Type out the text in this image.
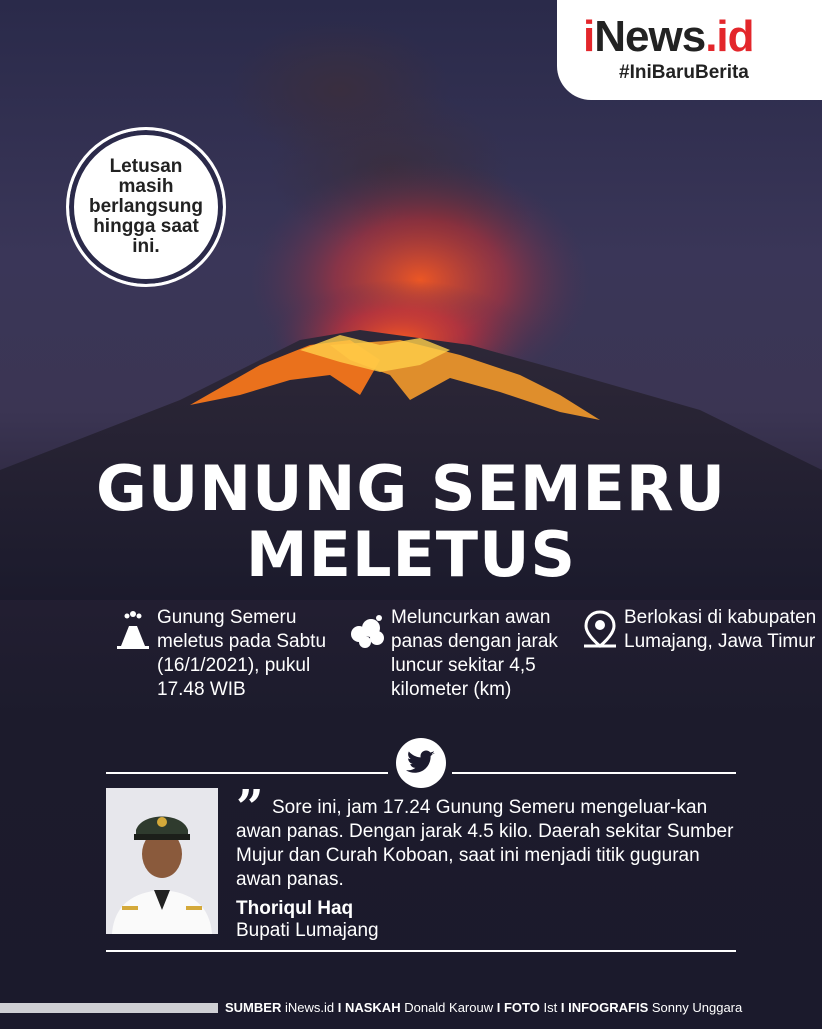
iNews.id
#IniBaruBerita
Letusan masih berlangsung hingga saat ini.
GUNUNG SEMERU
MELETUS
Gunung Semeru meletus pada Sabtu (16/1/2021), pukul 17.48 WIB
Meluncurkan awan panas dengan jarak luncur sekitar 4,5 kilometer (km)
Berlokasi di kabupaten Lumajang, Jawa Timur
” Sore ini, jam 17.24 Gunung Semeru mengeluar-kan awan panas. Dengan jarak 4.5 kilo. Daerah sekitar Sumber Mujur dan Curah Koboan, saat ini menjadi titik guguran awan panas.
Thoriqul Haq
Bupati Lumajang
SUMBER iNews.id I NASKAH Donald Karouw I FOTO Ist I INFOGRAFIS Sonny Unggara
